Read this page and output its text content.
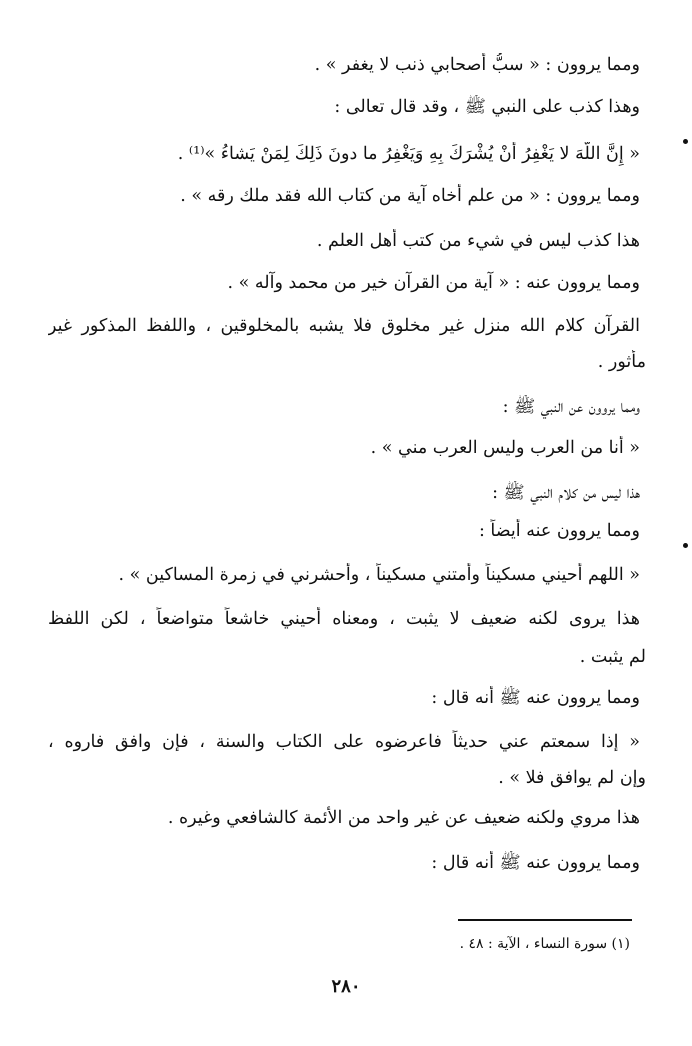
ومما يروون : « سبُّ أصحابي ذنب لا يغفر » .
وهذا كذب على النبي ﷺ ، وقد قال تعالى :
« إِنَّ اللَّهَ لا يَغْفِرُ أَنْ يُشْرَكَ بِهِ وَيَغْفِرُ ما دونَ ذَلِكَ لِمَنْ يَشاءُ »⁽¹⁾ .
ومما يروون : « من علم أخاه آية من كتاب الله فقد ملك رقه » .
هذا كذب ليس في شيء من كتب أهل العلم .
ومما يروون عنه : « آية من القرآن خير من محمد وآله » .
القرآن كلام الله منزل غير مخلوق فلا يشبه بالمخلوقين ، واللفظ المذكور غير
مأثور .
ومما يروون عن النبي ﷺ :
« أنا من العرب وليس العرب مني » .
هذا ليس من كلام النبي ﷺ :
ومما يروون عنه أيضاً :
« اللهم أحيني مسكيناً وأمتني مسكيناً ، وأحشرني في زمرة المساكين » .
هذا يروى لكنه ضعيف لا يثبت ، ومعناه أحيني خاشعاً متواضعاً ، لكن اللفظ
لم يثبت .
ومما يروون عنه ﷺ أنه قال :
« إذا سمعتم عني حديثاً فاعرضوه على الكتاب والسنة ، فإن وافق فاروه ،
وإن لم يوافق فلا » .
هذا مروي ولكنه ضعيف عن غير واحد من الأئمة كالشافعي وغيره .
ومما يروون عنه ﷺ أنه قال :
(١) سورة النساء ، الآية : ٤٨ .
٢٨٠
